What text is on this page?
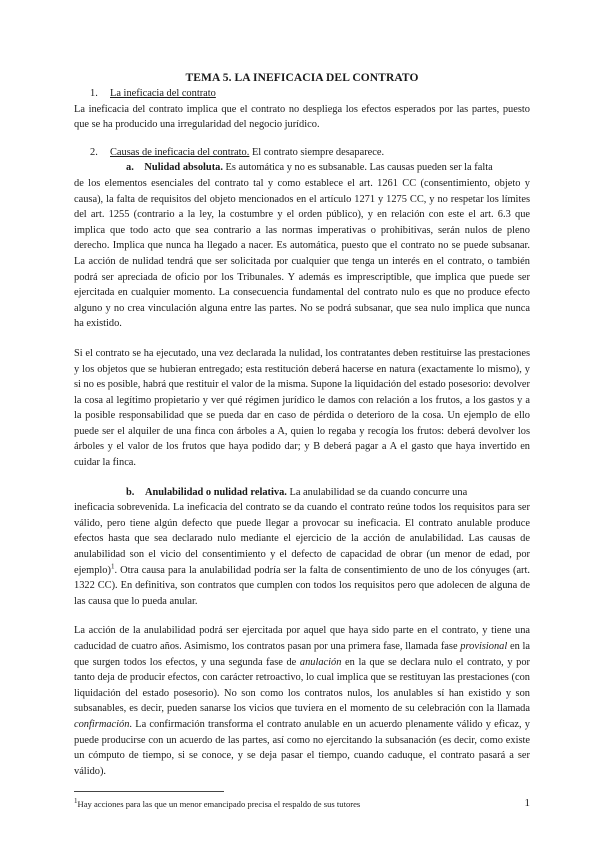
TEMA 5. LA INEFICACIA DEL CONTRATO
1. La ineficacia del contrato

La ineficacia del contrato implica que el contrato no despliega los efectos esperados por las partes, puesto que se ha producido una irregularidad del negocio jurídico.

2. Causas de ineficacia del contrato. El contrato siempre desaparece.
a. Nulidad absoluta. Es automática y no es subsanable. Las causas pueden ser la falta

de los elementos esenciales del contrato tal y como establece el art. 1261 CC (consentimiento, objeto y causa), la falta de requisitos del objeto mencionados en el artículo 1271 y 1275 CC, y no respetar los límites del art. 1255 (contrario a la ley, la costumbre y el orden público), y en relación con este el art. 6.3 que implica que todo acto que sea contrario a las normas imperativas o prohibitivas, serán nulos de pleno derecho. Implica que nunca ha llegado a nacer. Es automática, puesto que el contrato no se puede subsanar. La acción de nulidad tendrá que ser solicitada por cualquier que tenga un interés en el contrato, o también podrá ser apreciada de oficio por los Tribunales. Y además es imprescriptible, que implica que puede ser ejercitada en cualquier momento. La consecuencia fundamental del contrato nulo es que no produce efecto alguno y no crea vinculación alguna entre las partes. No se podrá subsanar, que sea nulo implica que nunca ha existido.

Si el contrato se ha ejecutado, una vez declarada la nulidad, los contratantes deben restituirse las prestaciones y los objetos que se hubieran entregado; esta restitución deberá hacerse en natura (exactamente lo mismo), y si no es posible, habrá que restituir el valor de la misma. Supone la liquidación del estado posesorio: devolver la cosa al legítimo propietario y ver qué régimen jurídico le damos con relación a los frutos, a los gastos y a la posible responsabilidad que se pueda dar en caso de pérdida o deterioro de la cosa. Un ejemplo de ello puede ser el alquiler de una finca con árboles a A, quien lo regaba y recogía los frutos: deberá devolver los árboles y el valor de los frutos que haya podido dar; y B deberá pagar a A el gasto que haya invertido en cuidar la finca.

b. Anulabilidad o nulidad relativa. La anulabilidad se da cuando concurre una

ineficacia sobrevenida. La ineficacia del contrato se da cuando el contrato reúne todos los requisitos para ser válido, pero tiene algún defecto que puede llegar a provocar su ineficacia. El contrato anulable produce efectos hasta que sea declarado nulo mediante el ejercicio de la acción de anulabilidad. Las causas de anulabilidad son el vicio del consentimiento y el defecto de capacidad de obrar (un menor de edad, por ejemplo)$^1$. Otra causa para la anulabilidad podría ser la falta de consentimiento de uno de los cónyuges (art. 1322 CC). En definitiva, son contratos que cumplen con todos los requisitos pero que adolecen de alguna de las causa que lo pueda anular.

La acción de la anulabilidad podrá ser ejercitada por aquel que haya sido parte en el contrato, y tiene una caducidad de cuatro años. Asimismo, los contratos pasan por una primera fase, llamada fase provisional en la que surgen todos los efectos, y una segunda fase de anulación en la que se declara nulo el contrato, y por tanto deja de producir efectos, con carácter retroactivo, lo cual implica que se restituyan las prestaciones (con liquidación del estado posesorio). No son como los contratos nulos, los anulables sí han existido y son subsanables, es decir, pueden sanarse los vicios que tuviera en el momento de su celebración con la llamada confirmación. La confirmación transforma el contrato anulable en un acuerdo plenamente válido y eficaz, y puede producirse con un acuerdo de las partes, así como no ejercitando la subsanación (es decir, como existe un cómputo de tiempo, si se conoce, y se deja pasar el tiempo, cuando caduque, el contrato pasará a ser válido).

$^1$Hay acciones para las que un menor emancipado precisa el respaldo de sus tutores	1
